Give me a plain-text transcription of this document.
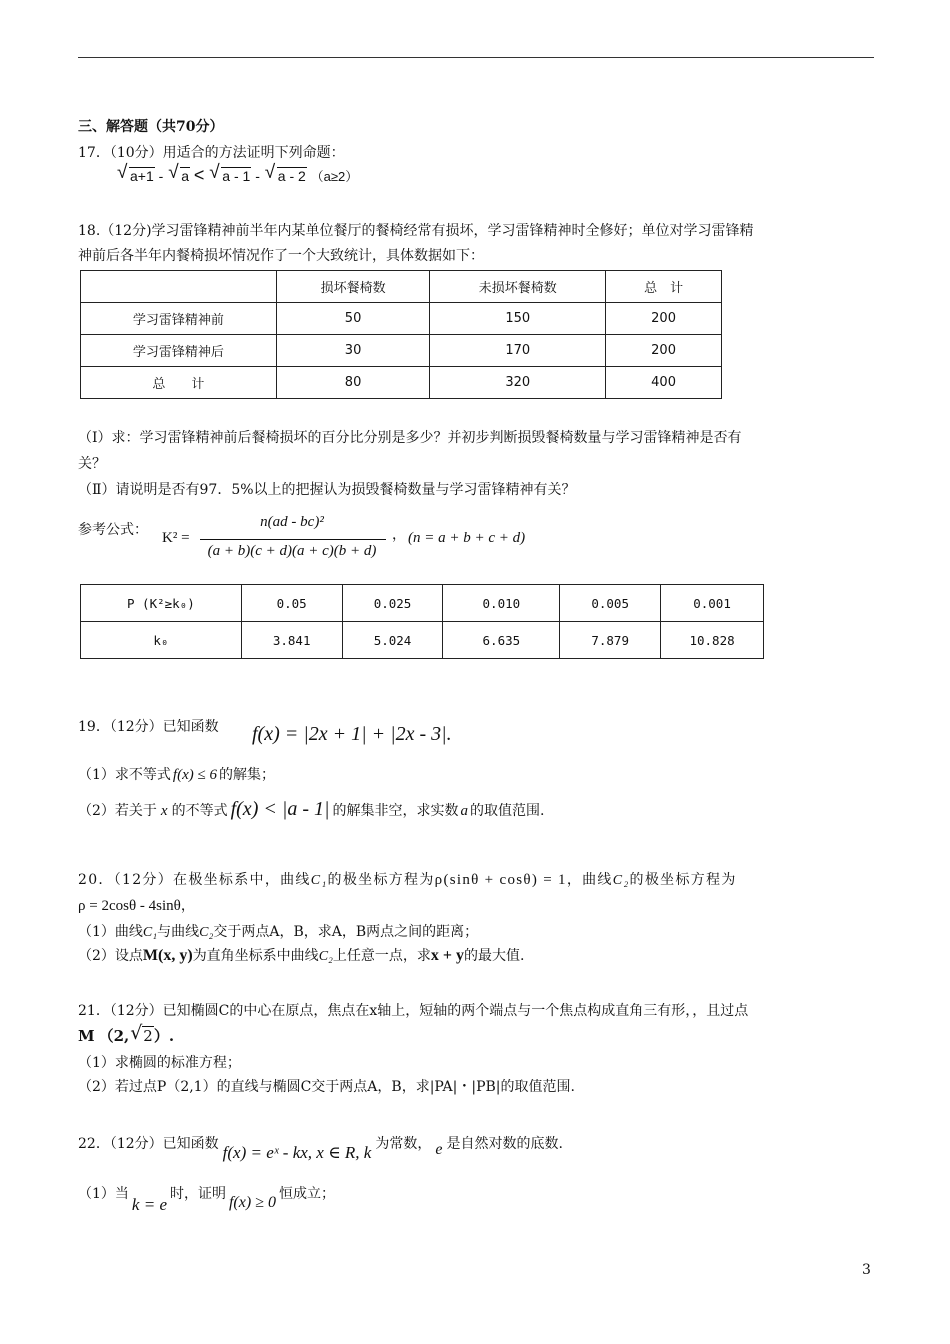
三、解答题（共70分）
17．（10分）用适合的方法证明下列命题：
√ a+1 - √ a < √ a - 1 - √ a - 2 （a≥2）
18.（12分)学习雷锋精神前半年内某单位餐厅的餐椅经常有损坏，学习雷锋精神时全修好；单位对学习雷锋精
神前后各半年内餐椅损坏情况作了一个大致统计，具体数据如下：
	损坏餐椅数	未损坏餐椅数	总　计
学习雷锋精神前	50	150	200
学习雷锋精神后	30	170	200
总　　计	80	320	400
（Ⅰ）求：学习雷锋精神前后餐椅损坏的百分比分别是多少？并初步判断损毁餐椅数量与学习雷锋精神是否有
关？
（Ⅱ）请说明是否有97．5%以上的把握认为损毁餐椅数量与学习雷锋精神有关？
参考公式： K² =
n(ad - bc)²
(a + b)(c + d)(a + c)(b + d)
， (n = a + b + c + d)
P (K²≥k₀)	0.05	0.025	0.010	0.005	0.001
k₀	3.841	5.024	6.635	7.879	10.828
19．（12分）已知函数 f(x) = |2x + 1| + |2x - 3|.
（1）求不等式 f(x) ≤ 6 的解集；
（2）若关于 x 的不等式 f(x) < |a - 1| 的解集非空，求实数 a 的取值范围.
20．（12分）在极坐标系中，曲线C₁的极坐标方程为ρ(sinθ + cosθ) = 1，曲线C₂的极坐标方程为
ρ = 2cosθ - 4sinθ，
（1）曲线C₁与曲线C₂交于两点A，B，求A，B两点之间的距离；
（2）设点M(x, y)为直角坐标系中曲线C₂上任意一点，求x + y的最大值.
21．（12分）已知椭圆C的中心在原点，焦点在x轴上，短轴的两个端点与一个焦点构成直角三有形，，且过点
M （2, √ 2）.
（1）求椭圆的标准方程；
（2）若过点P（2,1）的直线与椭圆C交于两点A，B，求|PA|・|PB|的取值范围.
22．（12分）已知函数 f(x) = eˣ - kx, x ∈ R, k 为常数， e 是自然对数的底数.
（1）当k = e时，证明 f(x) ≥ 0 恒成立；
3
